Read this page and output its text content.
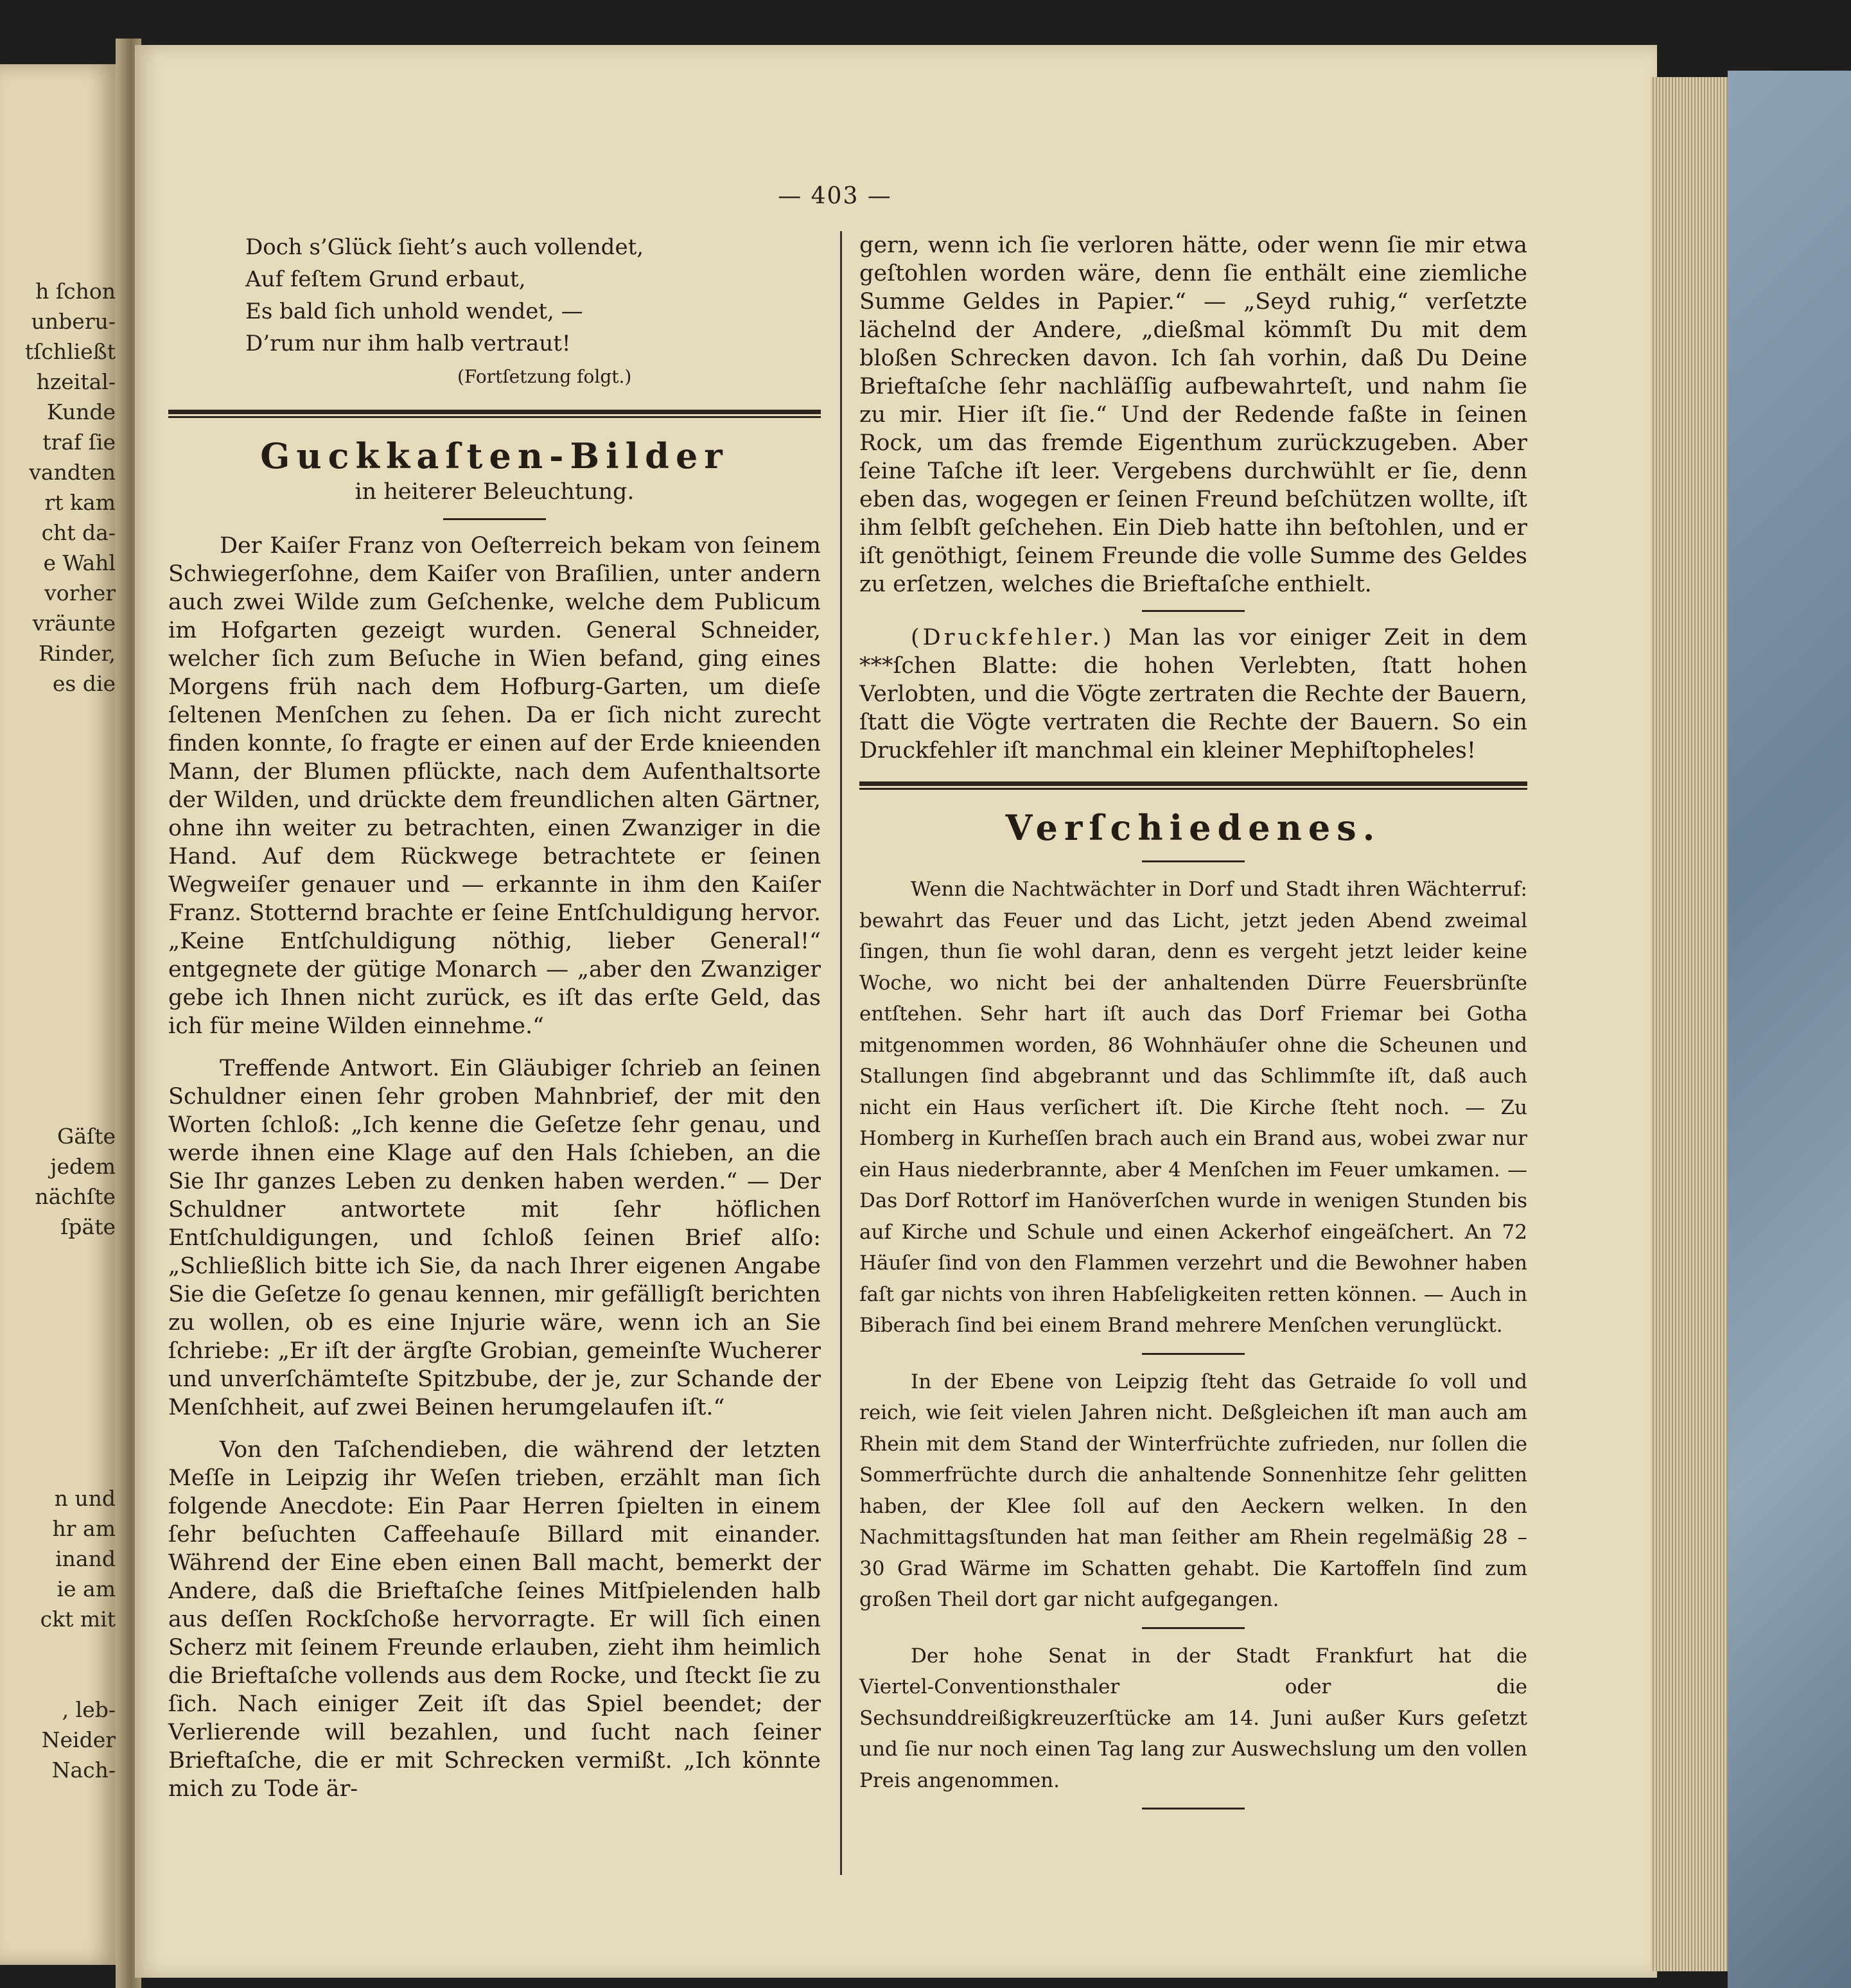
h ſchon
unberu‑
tſchließt
hzeital‑
Kunde
traf ſie
vandten
rt kam
cht da‑
e Wahl
vorher
vräunte
Rinder,
es die
Gäſte
jedem
nächſte
ſpäte
n und
hr am
inand
ie am
ckt mit
, leb‑
Neider
Nach‑
— 403 —
Doch s’Glück ſieht’s auch vollendet,
Auf feſtem Grund erbaut,
Es bald ſich unhold wendet, —
D’rum nur ihm halb vertraut!
(Fortſetzung folgt.)
Guckkaſten‑Bilder
in heiterer Beleuchtung.

Der Kaiſer Franz von Oeſterreich bekam von ſeinem Schwiegerſohne, dem Kaiſer von Braſilien, unter andern auch zwei Wilde zum Geſchenke, welche dem Publicum im Hofgarten gezeigt wurden. General Schneider, welcher ſich zum Beſuche in Wien befand, ging eines Morgens früh nach dem Hofburg‑Garten, um dieſe ſeltenen Menſchen zu ſehen. Da er ſich nicht zurecht finden konnte, ſo fragte er einen auf der Erde knieenden Mann, der Blumen pflückte, nach dem Aufenthaltsorte der Wilden, und drückte dem freundlichen alten Gärtner, ohne ihn weiter zu betrachten, einen Zwanziger in die Hand. Auf dem Rückwege betrachtete er ſeinen Wegweiſer genauer und — erkannte in ihm den Kaiſer Franz. Stotternd brachte er ſeine Entſchuldigung hervor. „Keine Entſchuldigung nöthig, lieber General!“ entgegnete der gütige Monarch — „aber den Zwanziger gebe ich Ihnen nicht zurück, es iſt das erſte Geld, das ich für meine Wilden einnehme.“

Treffende Antwort. Ein Gläubiger ſchrieb an ſeinen Schuldner einen ſehr groben Mahnbrief, der mit den Worten ſchloß: „Ich kenne die Geſetze ſehr genau, und werde ihnen eine Klage auf den Hals ſchieben, an die Sie Ihr ganzes Leben zu denken haben werden.“ — Der Schuldner antwortete mit ſehr höflichen Entſchuldigungen, und ſchloß ſeinen Brief alſo: „Schließlich bitte ich Sie, da nach Ihrer eigenen Angabe Sie die Geſetze ſo genau kennen, mir gefälligſt berichten zu wollen, ob es eine Injurie wäre, wenn ich an Sie ſchriebe: „Er iſt der ärgſte Grobian, gemeinſte Wucherer und unverſchämteſte Spitzbube, der je, zur Schande der Menſchheit, auf zwei Beinen herumgelaufen iſt.“

Von den Taſchendieben, die während der letzten Meſſe in Leipzig ihr Weſen trieben, erzählt man ſich folgende Anecdote: Ein Paar Herren ſpielten in einem ſehr beſuchten Caffeehauſe Billard mit einander. Während der Eine eben einen Ball macht, bemerkt der Andere, daß die Brieftaſche ſeines Mitſpielenden halb aus deſſen Rockſchoße hervorragte. Er will ſich einen Scherz mit ſeinem Freunde erlauben, zieht ihm heimlich die Brieftaſche vollends aus dem Rocke, und ſteckt ſie zu ſich. Nach einiger Zeit iſt das Spiel beendet; der Verlierende will bezahlen, und ſucht nach ſeiner Brieftaſche, die er mit Schrecken vermißt. „Ich könnte mich zu Tode är‑

gern, wenn ich ſie verloren hätte, oder wenn ſie mir etwa geſtohlen worden wäre, denn ſie enthält eine ziemliche Summe Geldes in Papier.“ — „Seyd ruhig,“ verſetzte lächelnd der Andere, „dießmal kömmſt Du mit dem bloßen Schrecken davon. Ich ſah vorhin, daß Du Deine Brieftaſche ſehr nachläſſig aufbewahrteſt, und nahm ſie zu mir. Hier iſt ſie.“ Und der Redende faßte in ſeinen Rock, um das fremde Eigenthum zurückzugeben. Aber ſeine Taſche iſt leer. Vergebens durchwühlt er ſie, denn eben das, wogegen er ſeinen Freund beſchützen wollte, iſt ihm ſelbſt geſchehen. Ein Dieb hatte ihn beſtohlen, und er iſt genöthigt, ſeinem Freunde die volle Summe des Geldes zu erſetzen, welches die Brieftaſche enthielt.

(Druckfehler.) Man las vor einiger Zeit in dem ***ſchen Blatte: die hohen Verlebten, ſtatt hohen Verlobten, und die Vögte zertraten die Rechte der Bauern, ſtatt die Vögte vertraten die Rechte der Bauern. So ein Druckfehler iſt manchmal ein kleiner Mephiſtopheles!

Verſchiedenes.

Wenn die Nachtwächter in Dorf und Stadt ihren Wächterruf: bewahrt das Feuer und das Licht, jetzt jeden Abend zweimal ſingen, thun ſie wohl daran, denn es vergeht jetzt leider keine Woche, wo nicht bei der anhaltenden Dürre Feuersbrünſte entſtehen. Sehr hart iſt auch das Dorf Friemar bei Gotha mitgenommen worden, 86 Wohnhäuſer ohne die Scheunen und Stallungen ſind abgebrannt und das Schlimmſte iſt, daß auch nicht ein Haus verſichert iſt. Die Kirche ſteht noch. — Zu Homberg in Kurheſſen brach auch ein Brand aus, wobei zwar nur ein Haus niederbrannte, aber 4 Menſchen im Feuer umkamen. — Das Dorf Rottorf im Hanöverſchen wurde in wenigen Stunden bis auf Kirche und Schule und einen Ackerhof eingeäſchert. An 72 Häuſer ſind von den Flammen verzehrt und die Bewohner haben faſt gar nichts von ihren Habſeligkeiten retten können. — Auch in Biberach ſind bei einem Brand mehrere Menſchen verunglückt.

In der Ebene von Leipzig ſteht das Getraide ſo voll und reich, wie ſeit vielen Jahren nicht. Deßgleichen iſt man auch am Rhein mit dem Stand der Winterfrüchte zufrieden, nur ſollen die Sommerfrüchte durch die anhaltende Sonnenhitze ſehr gelitten haben, der Klee ſoll auf den Aeckern welken. In den Nachmittagsſtunden hat man ſeither am Rhein regelmäßig 28 – 30 Grad Wärme im Schatten gehabt. Die Kartoffeln ſind zum großen Theil dort gar nicht aufgegangen.

Der hohe Senat in der Stadt Frankfurt hat die Viertel‑Conventionsthaler oder die Sechsunddreißigkreuzerſtücke am 14. Juni außer Kurs geſetzt und ſie nur noch einen Tag lang zur Auswechslung um den vollen Preis angenommen.
